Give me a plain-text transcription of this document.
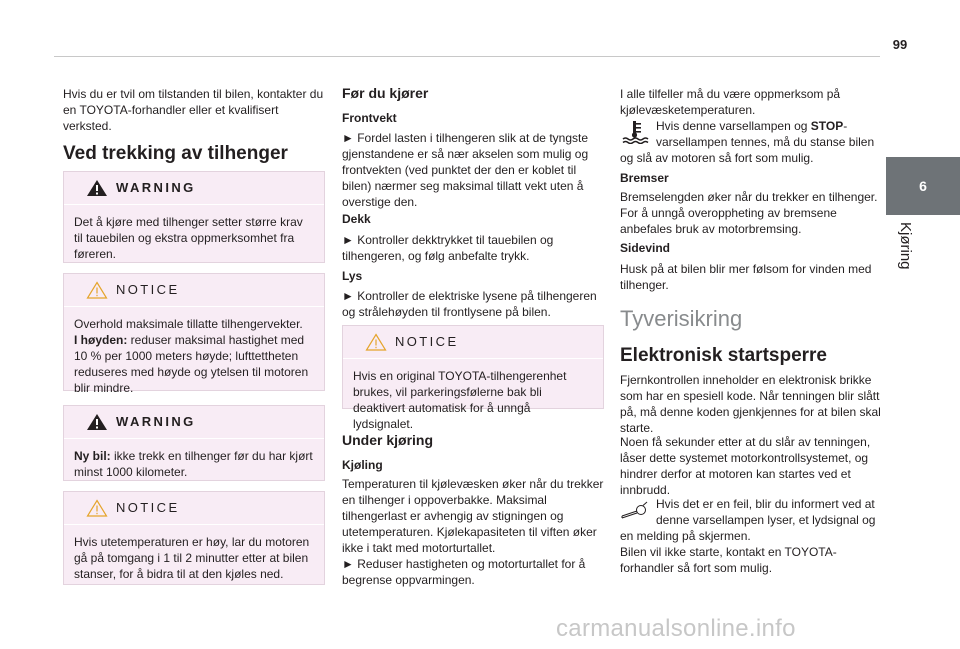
99
6
Kjøring

Hvis du er tvil om tilstanden til bilen, kontakter du en TOYOTA-forhandler eller et kvalifisert verksted.

Ved trekking av tilhenger
WARNING
Det å kjøre med tilhenger setter større krav til tauebilen og ekstra oppmerksomhet fra føreren.
NOTICE
Overhold maksimale tillatte tilhengervekter.
I høyden: reduser maksimal hastighet med 10 % per 1000 meters høyde; lufttettheten reduseres med høyde og ytelsen til motoren blir mindre.
WARNING
Ny bil: ikke trekk en tilhenger før du har kjørt minst 1000 kilometer.
NOTICE
Hvis utetemperaturen er høy, lar du motoren gå på tomgang i 1 til 2 minutter etter at bilen stanser, for å bidra til at den kjøles ned.
Før du kjører
Frontvekt

► Fordel lasten i tilhengeren slik at de tyngste gjenstandene er så nær akselen som mulig og frontvekten (ved punktet der den er koblet til bilen) nærmer seg maksimal tillatt vekt uten å overstige den.

Dekk

► Kontroller dekktrykket til tauebilen og tilhengeren, og følg anbefalte trykk.

Lys

► Kontroller de elektriske lysene på tilhengeren og strålehøyden til frontlysene på bilen.

NOTICE
Hvis en original TOYOTA-tilhengerenhet brukes, vil parkeringsfølerne bak bli deaktivert automatisk for å unngå lydsignalet.
Under kjøring
Kjøling

Temperaturen til kjølevæsken øker når du trekker en tilhenger i oppoverbakke. Maksimal tilhengerlast er avhengig av stigningen og utetemperaturen. Kjølekapasiteten til viften øker ikke i takt med motorturtallet.

► Reduser hastigheten og motorturtallet for å begrense oppvarmingen.

I alle tilfeller må du være oppmerksom på kjølevæsketemperaturen.

Hvis denne varsellampen og STOP-

varsellampen tennes, må du stanse bilen

og slå av motoren så fort som mulig.

Bremser

Bremselengden øker når du trekker en tilhenger. For å unngå overoppheting av bremsene anbefales bruk av motorbremsing.

Sidevind

Husk på at bilen blir mer følsom for vinden med tilhenger.

Tyverisikring
Elektronisk startsperre

Fjernkontrollen inneholder en elektronisk brikke som har en spesiell kode. Når tenningen blir slått på, må denne koden gjenkjennes for at bilen skal starte.

Noen få sekunder etter at du slår av tenningen, låser dette systemet motorkontrollsystemet, og hindrer derfor at motoren kan startes ved et innbrudd.

Hvis det er en feil, blir du informert ved at

denne varsellampen lyser, et lydsignal og

en melding på skjermen.

Bilen vil ikke starte, kontakt en TOYOTA-forhandler så fort som mulig.

carmanualsonline.info
